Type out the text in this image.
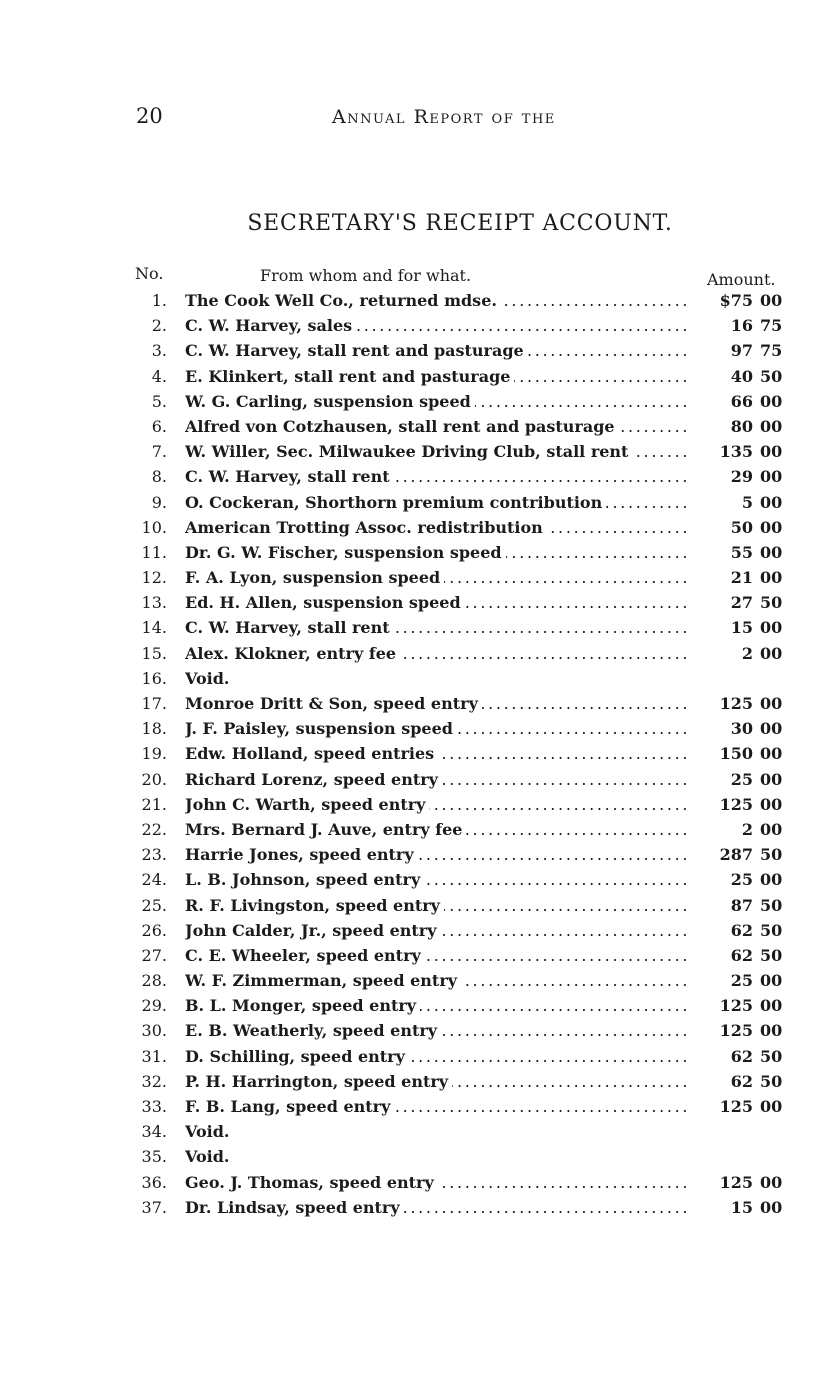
20	Annual Report of the
SECRETARY'S RECEIPT ACCOUNT.
No.	From whom and for what.	Amount.
1. The Cook Well Co., returned mdse. . . .	$75 00
2. C. W. Harvey, sales . . .	16 75
3. C. W. Harvey, stall rent and pasturage . . .	97 75
4. E. Klinkert, stall rent and pasturage . . .	40 50
5. W. G. Carling, suspension speed . . .	66 00
6. Alfred von Cotzhausen, stall rent and pasturage . . .	80 00
7. W. Willer, Sec. Milwaukee Driving Club, stall rent . . .	135 00
8. C. W. Harvey, stall rent . . .	29 00
9. O. Cockeran, Shorthorn premium contribution . . .	5 00
10. American Trotting Assoc. redistribution . . .	50 00
11. Dr. G. W. Fischer, suspension speed . . .	55 00
12. F. A. Lyon, suspension speed . . .	21 00
13. Ed. H. Allen, suspension speed . . .	27 50
14. C. W. Harvey, stall rent . . .	15 00
15. Alex. Klokner, entry fee . . .	2 00
16. Void.
17. Monroe Dritt & Son, speed entry . . .	125 00
18. J. F. Paisley, suspension speed . . .	30 00
19. Edw. Holland, speed entries . . .	150 00
20. Richard Lorenz, speed entry . . .	25 00
21. John C. Warth, speed entry . . .	125 00
22. Mrs. Bernard J. Auve, entry fee . . .	2 00
23. Harrie Jones, speed entry . . .	287 50
24. L. B. Johnson, speed entry . . .	25 00
25. R. F. Livingston, speed entry . . .	87 50
26. John Calder, Jr., speed entry . . .	62 50
27. C. E. Wheeler, speed entry . . .	62 50
28. W. F. Zimmerman, speed entry . . .	25 00
29. B. L. Monger, speed entry . . .	125 00
30. E. B. Weatherly, speed entry . . .	125 00
31. D. Schilling, speed entry . . .	62 50
32. P. H. Harrington, speed entry . . .	62 50
33. F. B. Lang, speed entry . . .	125 00
34. Void.
35. Void.
36. Geo. J. Thomas, speed entry . . .	125 00
37. Dr. Lindsay, speed entry . . .	15 00
